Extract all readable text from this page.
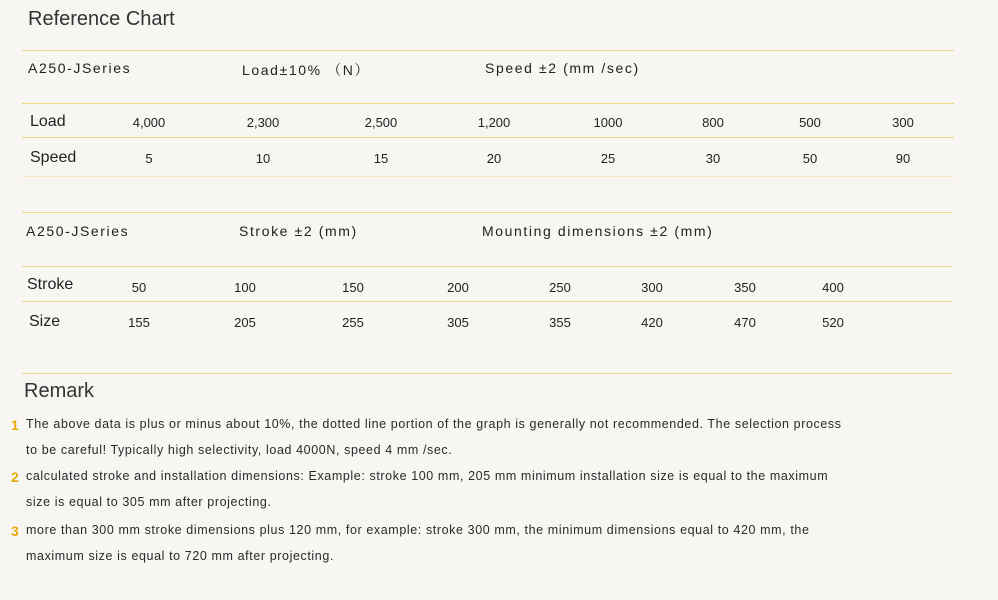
Reference Chart
A250-JSeries	Load±10% （N）	Speed ±2 (mm /sec)
Load	4,000	2,300	2,500	1,200	1000	800	500	300
Speed	5	10	15	20	25	30	50	90
A250-JSeries	Stroke ±2 (mm)	Mounting dimensions ±2 (mm)
Stroke	50	100	150	200	250	300	350	400
Size	155	205	255	305	355	420	470	520
Remark
1 The above data is plus or minus about 10%, the dotted line portion of the graph is generally not recommended. The selection process
to be careful! Typically high selectivity, load 4000N, speed 4 mm /sec.
2 calculated stroke and installation dimensions: Example: stroke 100 mm, 205 mm minimum installation size is equal to the maximum
size is equal to 305 mm after projecting.
3 more than 300 mm stroke dimensions plus 120 mm, for example: stroke 300 mm, the minimum dimensions equal to 420 mm, the
maximum size is equal to 720 mm after projecting.
